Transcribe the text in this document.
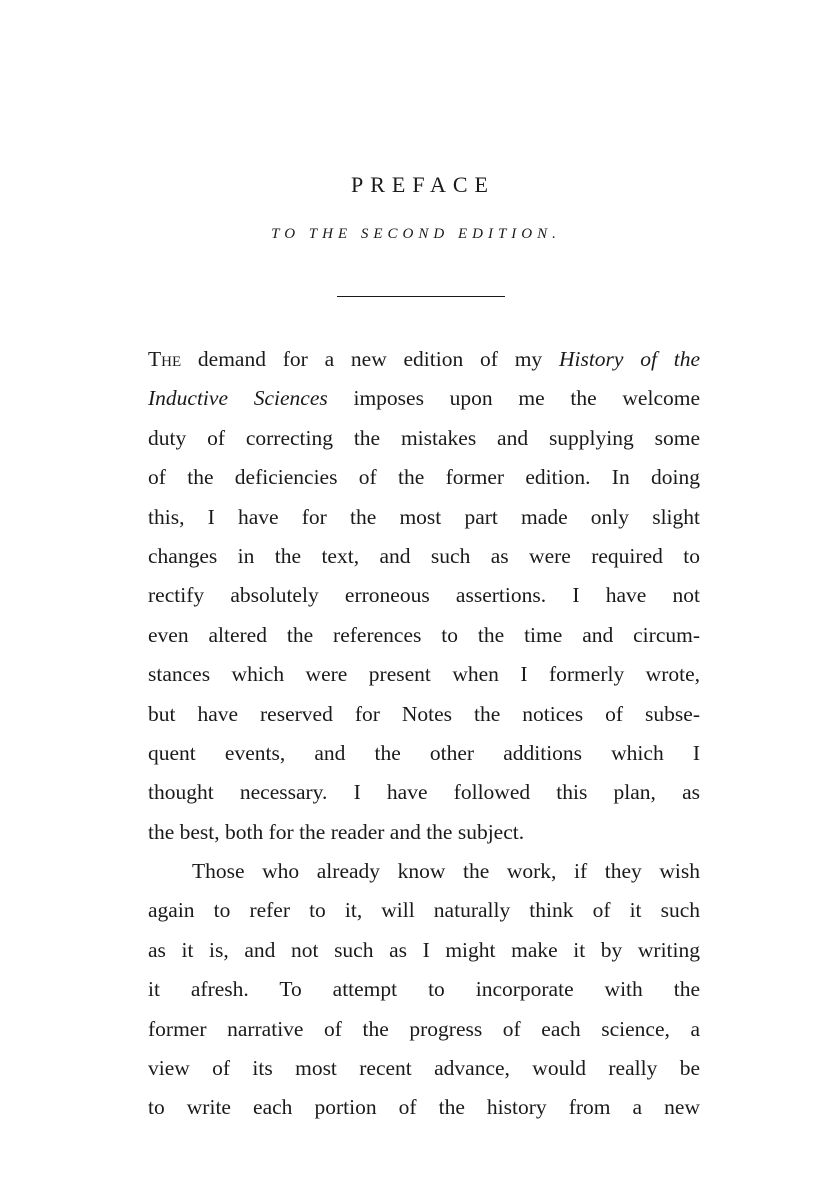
PREFACE
TO THE SECOND EDITION.
The demand for a new edition of my History of the
Inductive Sciences imposes upon me the welcome
duty of correcting the mistakes and supplying some
of the deficiencies of the former edition. In doing
this, I have for the most part made only slight
changes in the text, and such as were required to
rectify absolutely erroneous assertions. I have not
even altered the references to the time and circum-
stances which were present when I formerly wrote,
but have reserved for Notes the notices of subse-
quent events, and the other additions which I
thought necessary. I have followed this plan, as
the best, both for the reader and the subject.
Those who already know the work, if they wish
again to refer to it, will naturally think of it such
as it is, and not such as I might make it by writing
it afresh. To attempt to incorporate with the
former narrative of the progress of each science, a
view of its most recent advance, would really be
to write each portion of the history from a new
